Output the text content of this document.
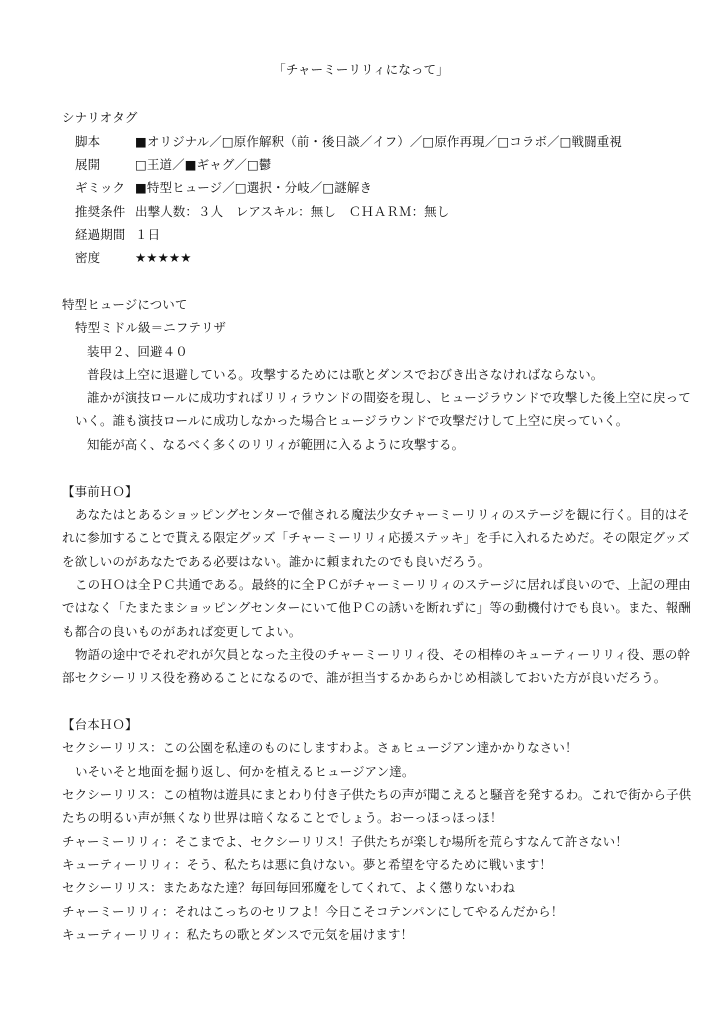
「チャーミーリリィになって」
シナリオタグ
脚本	■オリジナル／□原作解釈（前・後日談／イフ）／□原作再現／□コラボ／□戦闘重視
展開	□王道／■ギャグ／□鬱
ギミック ■特型ヒュージ／□選択・分岐／□謎解き
推奨条件 出撃人数：３人　レアスキル：無し　ＣＨＡＲＭ：無し
経過期間 １日
密度	★★★★★
特型ヒュージについて
特型ミドル級＝ニフテリザ
装甲２、回避４０
普段は上空に退避している。攻撃するためには歌とダンスでおびき出さなければならない。
誰かが演技ロールに成功すればリリィラウンドの間姿を現し、ヒュージラウンドで攻撃した後上空に戻って
いく。誰も演技ロールに成功しなかった場合ヒュージラウンドで攻撃だけして上空に戻っていく。
知能が高く、なるべく多くのリリィが範囲に入るように攻撃する。
【事前ＨＯ】
あなたはとあるショッピングセンターで催される魔法少女チャーミーリリィのステージを観に行く。目的はそ
れに参加することで貰える限定グッズ「チャーミーリリィ応援ステッキ」を手に入れるためだ。その限定グッズ
を欲しいのがあなたである必要はない。誰かに頼まれたのでも良いだろう。
このＨＯは全ＰＣ共通である。最終的に全ＰＣがチャーミーリリィのステージに居れば良いので、上記の理由
ではなく「たまたまショッピングセンターにいて他ＰＣの誘いを断れずに」等の動機付けでも良い。また、報酬
も都合の良いものがあれば変更してよい。
物語の途中でそれぞれが欠員となった主役のチャーミーリリィ役、その相棒のキューティーリリィ役、悪の幹
部セクシーリリス役を務めることになるので、誰が担当するかあらかじめ相談しておいた方が良いだろう。
【台本ＨＯ】
セクシーリリス：この公園を私達のものにしますわよ。さぁヒュージアン達かかりなさい！
いそいそと地面を掘り返し、何かを植えるヒュージアン達。
セクシーリリス：この植物は遊具にまとわり付き子供たちの声が聞こえると騒音を発するわ。これで街から子供
たちの明るい声が無くなり世界は暗くなることでしょう。おーっほっほっほ！
チャーミーリリィ：そこまでよ、セクシーリリス！子供たちが楽しむ場所を荒らすなんて許さない！
キューティーリリィ：そう、私たちは悪に負けない。夢と希望を守るために戦います！
セクシーリリス：またあなた達？毎回毎回邪魔をしてくれて、よく懲りないわね
チャーミーリリィ：それはこっちのセリフよ！今日こそコテンパンにしてやるんだから！
キューティーリリィ：私たちの歌とダンスで元気を届けます！
